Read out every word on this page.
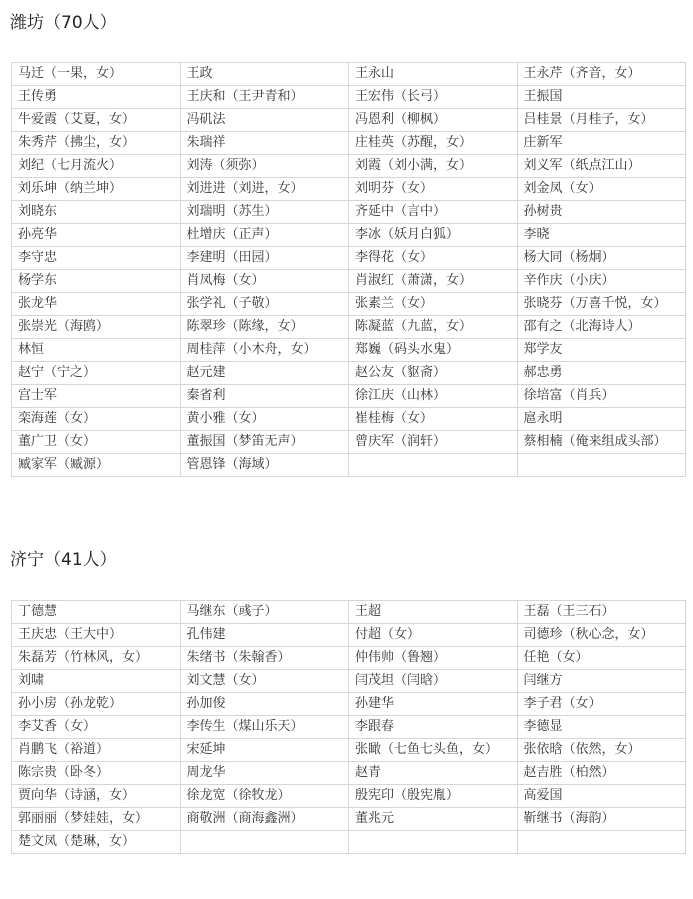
潍坊（70人）
马迁（一果，女）	王政	王永山	王永芹（齐音，女）
王传勇	王庆和（王尹青和）	王宏伟（长弓）	王振国
牛爱霞（艾夏，女）	冯矶法	冯恩利（柳枫）	吕桂景（月桂子，女）
朱秀芹（拂尘，女）	朱瑞祥	庄桂英（苏醒，女）	庄新军
刘纪（七月流火）	刘涛（须弥）	刘霞（刘小满，女）	刘义军（纸点江山）
刘乐坤（纳兰坤）	刘进进（刘进，女）	刘明芬（女）	刘金凤（女）
刘晓东	刘瑞明（苏生）	齐延中（言中）	孙树贵
孙亮华	杜增庆（正声）	李冰（妖月白狐）	李晓
李守忠	李建明（田园）	李得花（女）	杨大同（杨炯）
杨学东	肖凤梅（女）	肖淑红（萧潇，女）	辛作庆（小庆）
张龙华	张学礼（子敬）	张素兰（女）	张晓芬（万喜千悦，女）
张崇光（海鸥）	陈翠珍（陈缘，女）	陈凝蓝（九蓝，女）	邵有之（北海诗人）
林恒	周桂萍（小木舟，女）	郑巍（码头水鬼）	郑学友
赵宁（宁之）	赵元建	赵公友（䝙斋）	郝忠勇
宫士军	秦省利	徐江庆（山林）	徐培富（肖兵）
栾海莲（女）	黄小雅（女）	崔桂梅（女）	扈永明
董广卫（女）	董振国（梦笛无声）	曾庆军（润轩）	蔡相楠（俺来组成头部）
臧家军（臧源）	管恩锋（海域）		
济宁（41人）
丁德慧	马继东（彧子）	王超	王磊（王三石）
王庆忠（王大中）	孔伟建	付超（女）	司德珍（秋心念，女）
朱磊芳（竹林风，女）	朱绪书（朱翰香）	仲伟帅（鲁翘）	任艳（女）
刘啸	刘文慧（女）	闫茂坦（闫晗）	闫继方
孙小房（孙龙乾）	孙加俊	孙建华	李子君（女）
李艾香（女）	李传生（煤山乐天）	李跟春	李德显
肖鹏飞（裕道）	宋延坤	张瞰（七鱼七头鱼，女）	张依晗（依然，女）
陈宗贵（卧冬）	周龙华	赵青	赵吉胜（柏然）
贾向华（诗涵，女）	徐龙宽（徐牧龙）	殷宪印（殷宪胤）	高爱国
郭丽丽（梦娃娃，女）	商敬洲（商海鑫洲）	董兆元	靳继书（海韵）
楚文凤（楚琳，女）			
